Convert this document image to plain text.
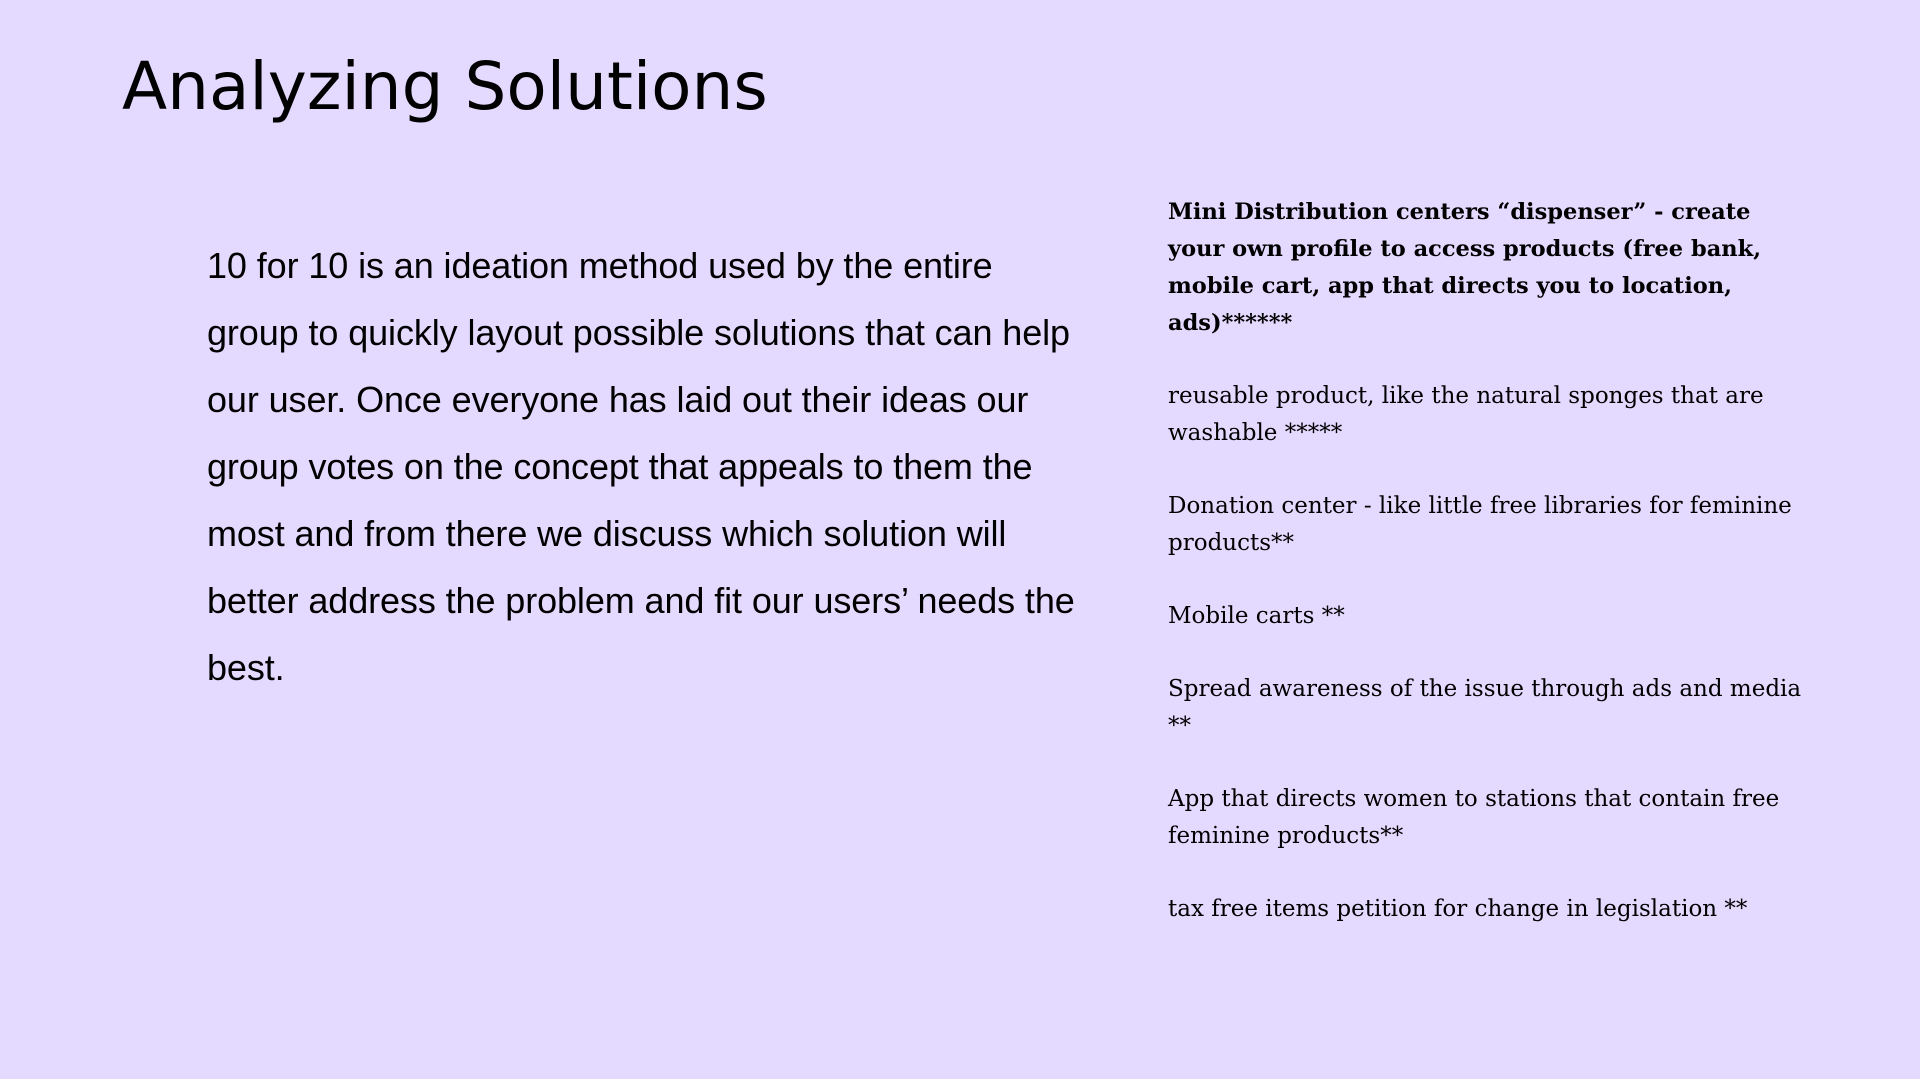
Analyzing Solutions

10 for 10 is an ideation method used by the entire group to quickly layout possible solutions that can help our user. Once everyone has laid out their ideas our group votes on the concept that appeals to them the most and from there we discuss which solution will better address the problem and fit our users’ needs the best.

Mini Distribution centers “dispenser” - create your own profile to access products (free bank, mobile cart, app that directs you to location, ads)******
reusable product, like the natural sponges that are washable *****
Donation center - like little free libraries for feminine products**
Mobile carts **
Spread awareness of the issue through ads and media **
App that directs women to stations that contain free feminine products**
tax free items petition for change in legislation **
